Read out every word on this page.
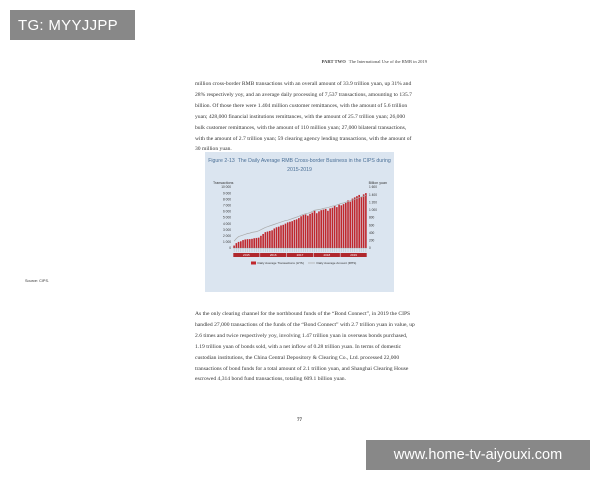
TG: MYYJJPP
PART TWO The International Use of the RMB in 2019

million cross-border RMB transactions with an overall amount of 33.9 trillion yuan, up 31% and 28% respectively yoy, and an average daily processing of 7,537 transactions, amounting to 135.7 billion. Of those there were 1.404 million customer remittances, with the amount of 5.6 trillion yuan; 428,000 financial institutions remittances, with the amount of 25.7 trillion yuan; 26,000 bulk customer remittances, with the amount of 110 million yuan; 27,000 bilateral transactions, with the amount of 2.7 trillion yuan; 59 clearing agency lending transactions, with the amount of 30 million yuan.

Figure 2-13 The Daily Average RMB Cross-border Business in the CIPS during
2015-2019
Transactions	Billion yuan
10 000
9 000
8 000
7 000
6 000
5 000
4 000
3 000
2 000
1 000
0
1 600
1 400
1 200
1 000
800
600
400
200
0
2015	2016	2017	2018	2019
Daily Average Transactions (LHS)	Daily Average Amount (RHS)
Source: CIPS.

As the only clearing channel for the northbound funds of the “Bond Connect”, in 2019 the CIPS handled 27,000 transactions of the funds of the “Bond Connect” with 2.7 trillion yuan in value, up 2.6 times and twice respectively yoy, involving 1.47 trillion yuan in overseas bonds purchased, 1.19 trillion yuan of bonds sold, with a net inflow of 0.28 trillion yuan. In terms of domestic custodian institutions, the China Central Depository & Clearing Co., Ltd. processed 22,000 transactions of bond funds for a total amount of 2.1 trillion yuan, and Shanghai Clearing House escrowed 4,314 bond fund transactions, totaling 609.1 billion yuan.

77
www.home-tv-aiyouxi.com
